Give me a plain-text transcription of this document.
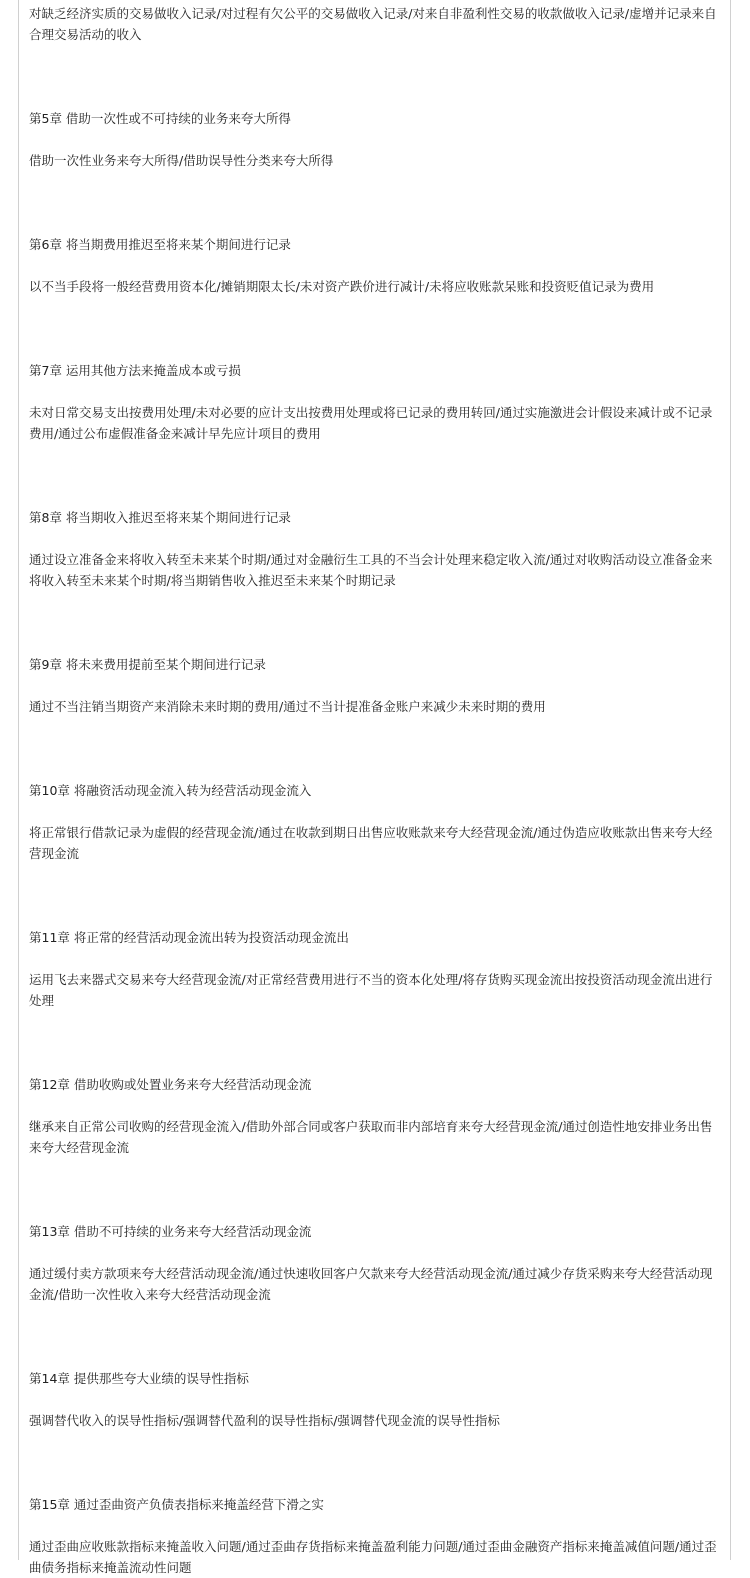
对缺乏经济实质的交易做收入记录/对过程有欠公平的交易做收入记录/对来自非盈利性交易的收款做收入记录/虚增并记录来自合理交易活动的收入

第5章 借助一次性或不可持续的业务来夸大所得

借助一次性业务来夸大所得/借助误导性分类来夸大所得

第6章 将当期费用推迟至将来某个期间进行记录

以不当手段将一般经营费用资本化/摊销期限太长/未对资产跌价进行减计/未将应收账款呆账和投资贬值记录为费用

第7章 运用其他方法来掩盖成本或亏损

未对日常交易支出按费用处理/未对必要的应计支出按费用处理或将已记录的费用转回/通过实施激进会计假设来减计或不记录费用/通过公布虚假准备金来减计早先应计项目的费用

第8章 将当期收入推迟至将来某个期间进行记录

通过设立准备金来将收入转至未来某个时期/通过对金融衍生工具的不当会计处理来稳定收入流/通过对收购活动设立准备金来将收入转至未来某个时期/将当期销售收入推迟至未来某个时期记录

第9章 将未来费用提前至某个期间进行记录

通过不当注销当期资产来消除未来时期的费用/通过不当计提准备金账户来减少未来时期的费用

第10章 将融资活动现金流入转为经营活动现金流入

将正常银行借款记录为虚假的经营现金流/通过在收款到期日出售应收账款来夸大经营现金流/通过伪造应收账款出售来夸大经营现金流

第11章 将正常的经营活动现金流出转为投资活动现金流出

运用飞去来器式交易来夸大经营现金流/对正常经营费用进行不当的资本化处理/将存货购买现金流出按投资活动现金流出进行处理

第12章 借助收购或处置业务来夸大经营活动现金流

继承来自正常公司收购的经营现金流入/借助外部合同或客户获取而非内部培育来夸大经营现金流/通过创造性地安排业务出售来夸大经营现金流

第13章 借助不可持续的业务来夸大经营活动现金流

通过缓付卖方款项来夸大经营活动现金流/通过快速收回客户欠款来夸大经营活动现金流/通过减少存货采购来夸大经营活动现金流/借助一次性收入来夸大经营活动现金流

第14章 提供那些夸大业绩的误导性指标

强调替代收入的误导性指标/强调替代盈利的误导性指标/强调替代现金流的误导性指标

第15章 通过歪曲资产负债表指标来掩盖经营下滑之实

通过歪曲应收账款指标来掩盖收入问题/通过歪曲存货指标来掩盖盈利能力问题/通过歪曲金融资产指标来掩盖减值问题/通过歪曲债务指标来掩盖流动性问题
